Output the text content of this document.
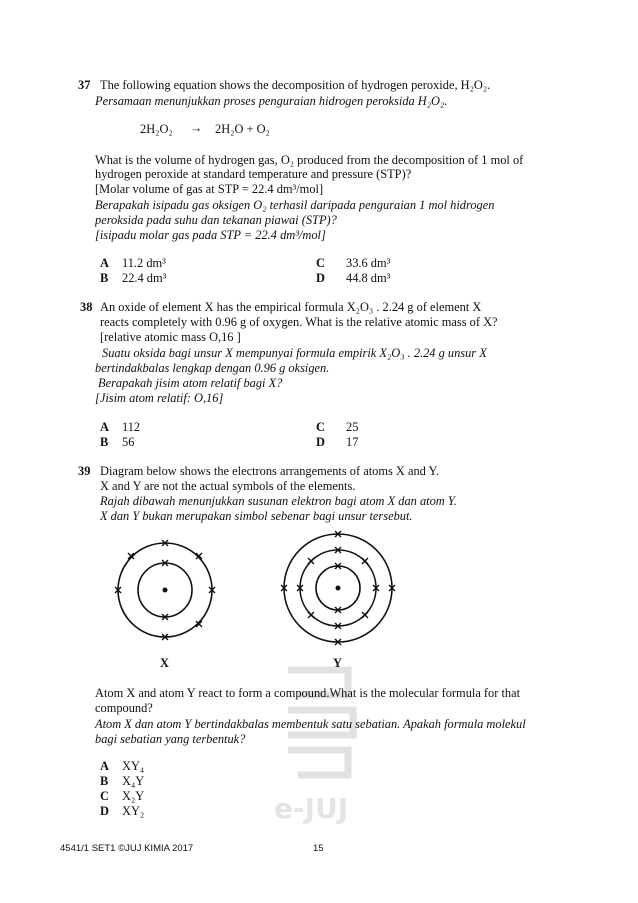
e-JUJ
37 The following equation shows the decomposition of hydrogen peroxide, H₂O₂.
Persamaan menunjukkan proses penguraian hidrogen peroksida H₂O₂.
2H₂O₂ → 2H₂O + O₂
What is the volume of hydrogen gas, O₂ produced from the decomposition of 1 mol of
hydrogen peroxide at standard temperature and pressure (STP)?
[Molar volume of gas at STP = 22.4 dm³/mol]
Berapakah isipadu gas oksigen O₂ terhasil daripada penguraian 1 mol hidrogen
peroksida pada suhu dan tekanan piawai (STP)?
[isipadu molar gas pada STP = 22.4 dm³/mol]
A 11.2 dm³
B 22.4 dm³
C 33.6 dm³
D 44.8 dm³
38 An oxide of element X has the empirical formula X₂O₃ . 2.24 g of element X
reacts completely with 0.96 g of oxygen. What is the relative atomic mass of X?
[relative atomic mass O,16 ]
Suatu oksida bagi unsur X mempunyai formula empirik X₂O₃ . 2.24 g unsur X
bertindakbalas lengkap dengan 0.96 g oksigen.
Berapakah jisim atom relatif bagi X?
[Jisim atom relatif: O,16]
A 112
B 56
C 25
D 17
39 Diagram below shows the electrons arrangements of atoms X and Y.
X and Y are not the actual symbols of the elements.
Rajah dibawah menunjukkan susunan elektron bagi atom X dan atom Y.
X dan Y bukan merupakan simbol sebenar bagi unsur tersebut.
X	Y
Atom X and atom Y react to form a compound.What is the molecular formula for that
compound?
Atom X dan atom Y bertindakbalas membentuk satu sebatian. Apakah formula molekul
bagi sebatian yang terbentuk?
A XY₄
B X₄Y
C X₂Y
D XY₂
4541/1 SET1 ©JUJ KIMIA 2017	15
